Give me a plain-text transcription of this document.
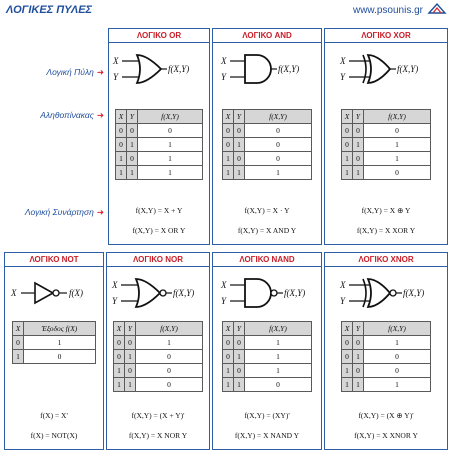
ΛΟΓΙΚΕΣ ΠΥΛΕΣ	www.psounis.gr
Λογική Πύλη ➜
Αληθοπίνακας ➜
Λογική Συνάρτηση ➜
ΛΟΓΙΚΟ OR
X
Y
f(X,Y)
X	Y	f(X,Y)
0	0	0
0	1	1
1	0	1
1	1	1
f(X,Y) = X + Y
f(X,Y) = X OR Y
ΛΟΓΙΚΟ AND
X
Y
f(X,Y)
X	Y	f(X,Y)
0	0	0
0	1	0
1	0	0
1	1	1
f(X,Y) = X · Y
f(X,Y) = X AND Y
ΛΟΓΙΚΟ XOR
X
Y
f(X,Y)
X	Y	f(X,Y)
0	0	0
0	1	1
1	0	1
1	1	0
f(X,Y) = X ⊕ Y
f(X,Y) = X XOR Y
ΛΟΓΙΚΟ NOT
X	f(X)
X	Έξοδος f(X)
0	1
1	0
f(X) = X'
f(X) = NOT(X)
ΛΟΓΙΚΟ NOR
X
Y
f(X,Y)
X	Y	f(X,Y)
0	0	1
0	1	0
1	0	0
1	1	0
f(X,Y) = (X + Y)'
f(X,Y) = X NOR Y
ΛΟΓΙΚΟ NAND
X
Y
f(X,Y)
X	Y	f(X,Y)
0	0	1
0	1	1
1	0	1
1	1	0
f(X,Y) = (XY)'
f(X,Y) = X NAND Y
ΛΟΓΙΚΟ XNOR
X
Y
f(X,Y)
X	Y	f(X,Y)
0	0	1
0	1	0
1	0	0
1	1	1
f(X,Y) = (X ⊕ Y)'
f(X,Y) = X XNOR Y
